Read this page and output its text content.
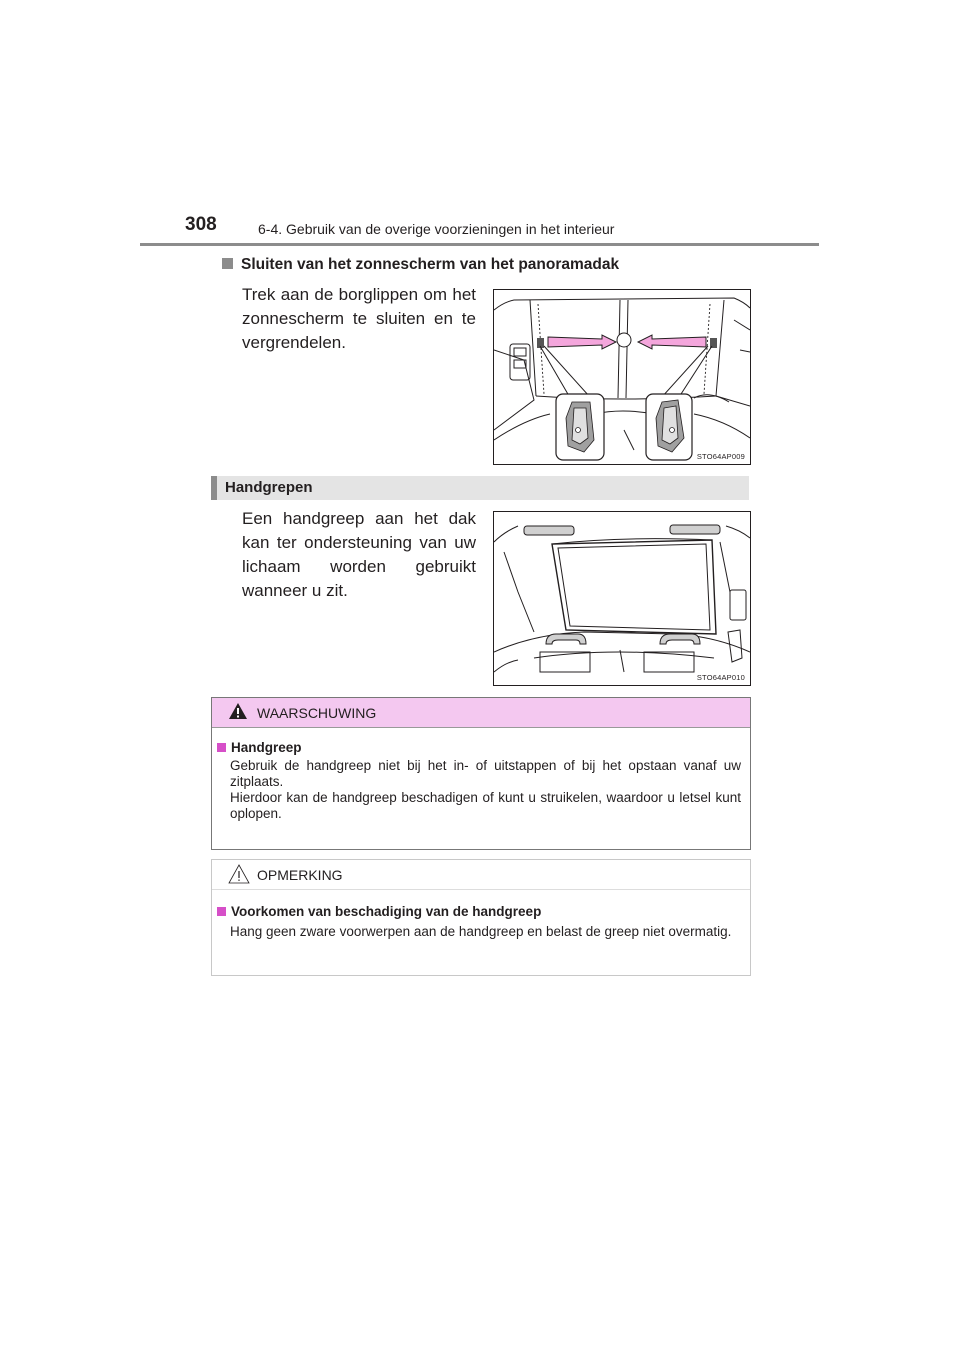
308	6-4. Gebruik van de overige voorzieningen in het interieur
Sluiten van het zonnescherm van het panoramadak
Trek aan de borglippen om het zonnescherm te sluiten en te vergrendelen.
STO64AP009
Handgrepen
Een handgreep aan het dak kan ter ondersteuning van uw lichaam worden gebruikt wanneer u zit.
STO64AP010
WAARSCHUWING
Handgreep

Gebruik de handgreep niet bij het in- of uitstappen of bij het opstaan vanaf uw zitplaats.

Hierdoor kan de handgreep beschadigen of kunt u struikelen, waardoor u letsel kunt oplopen.

OPMERKING
Voorkomen van beschadiging van de handgreep

Hang geen zware voorwerpen aan de handgreep en belast de greep niet overmatig.
